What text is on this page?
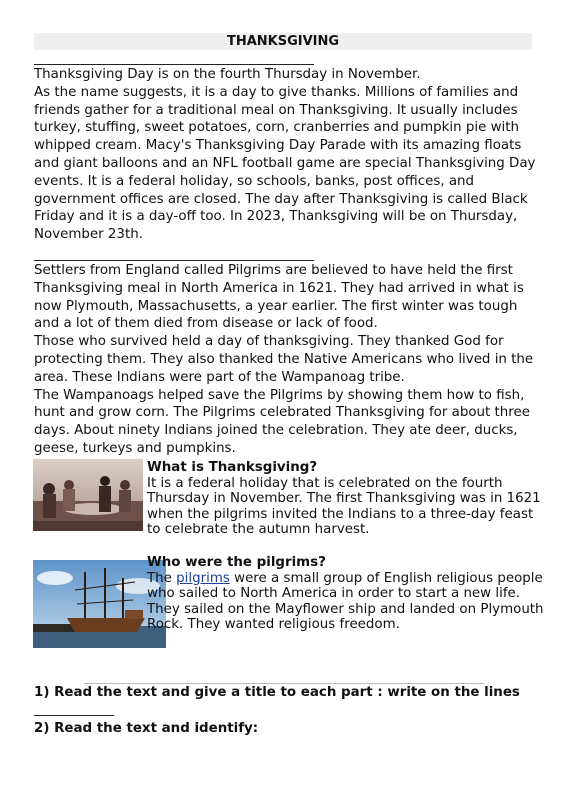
THANKSGIVING
Thanksgiving Day is on the fourth Thursday in November.
As the name suggests, it is a day to give thanks. Millions of families and friends gather for a traditional meal on Thanksgiving. It usually includes turkey, stuffing, sweet potatoes, corn, cranberries and pumpkin pie with whipped cream. Macy's Thanksgiving Day Parade with its amazing floats and giant balloons and an NFL football game are special Thanksgiving Day events. It is a federal holiday, so schools, banks, post offices, and government offices are closed. The day after Thanksgiving is called Black Friday and it is a day-off too. In 2023, Thanksgiving will be on Thursday, November 23th.
Settlers from England called Pilgrims are believed to have held the first Thanksgiving meal in North America in 1621. They had arrived in what is now Plymouth, Massachusetts, a year earlier. The first winter was tough and a lot of them died from disease or lack of food.
Those who survived held a day of thanksgiving. They thanked God for protecting them. They also thanked the Native Americans who lived in the area. These Indians were part of the Wampanoag tribe.
The Wampanoags helped save the Pilgrims by showing them how to fish, hunt and grow corn. The Pilgrims celebrated Thanksgiving for about three days. About ninety Indians joined the celebration. They ate deer, ducks, geese, turkeys and pumpkins.
What is Thanksgiving?

It is a federal holiday that is celebrated on the fourth Thursday in November. The first Thanksgiving was in 1621 when the pilgrims invited the Indians to a three-day feast to celebrate the autumn harvest.

Who were the pilgrims?

The pilgrims were a small group of English religious people who sailed to North America in order to start a new life. They sailed on the Mayflower ship and landed on Plymouth Rock. They wanted religious freedom.

1) Read the text and give a title to each part : write on the lines
2) Read the text and identify:
